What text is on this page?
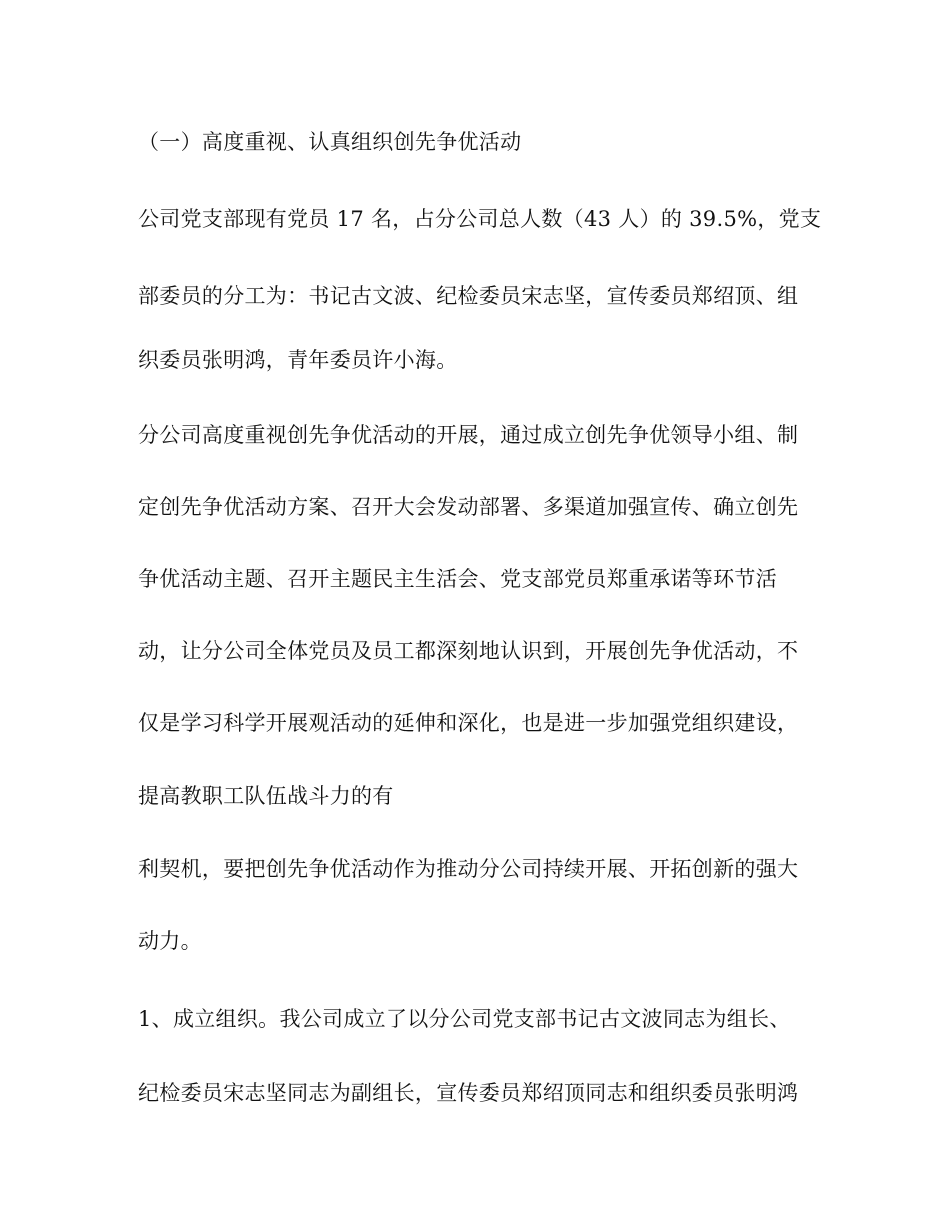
（一）高度重视、认真组织创先争优活动
公司党支部现有党员 17 名，占分公司总人数（43 人）的 39.5%，党支
部委员的分工为：书记古文波、纪检委员宋志坚，宣传委员郑绍顶、组
织委员张明鸿，青年委员许小海。
分公司高度重视创先争优活动的开展，通过成立创先争优领导小组、制
定创先争优活动方案、召开大会发动部署、多渠道加强宣传、确立创先
争优活动主题、召开主题民主生活会、党支部党员郑重承诺等环节活
动，让分公司全体党员及员工都深刻地认识到，开展创先争优活动，不
仅是学习科学开展观活动的延伸和深化，也是进一步加强党组织建设，
提高教职工队伍战斗力的有
利契机，要把创先争优活动作为推动分公司持续开展、开拓创新的强大
动力。
1、成立组织。我公司成立了以分公司党支部书记古文波同志为组长、
纪检委员宋志坚同志为副组长，宣传委员郑绍顶同志和组织委员张明鸿
